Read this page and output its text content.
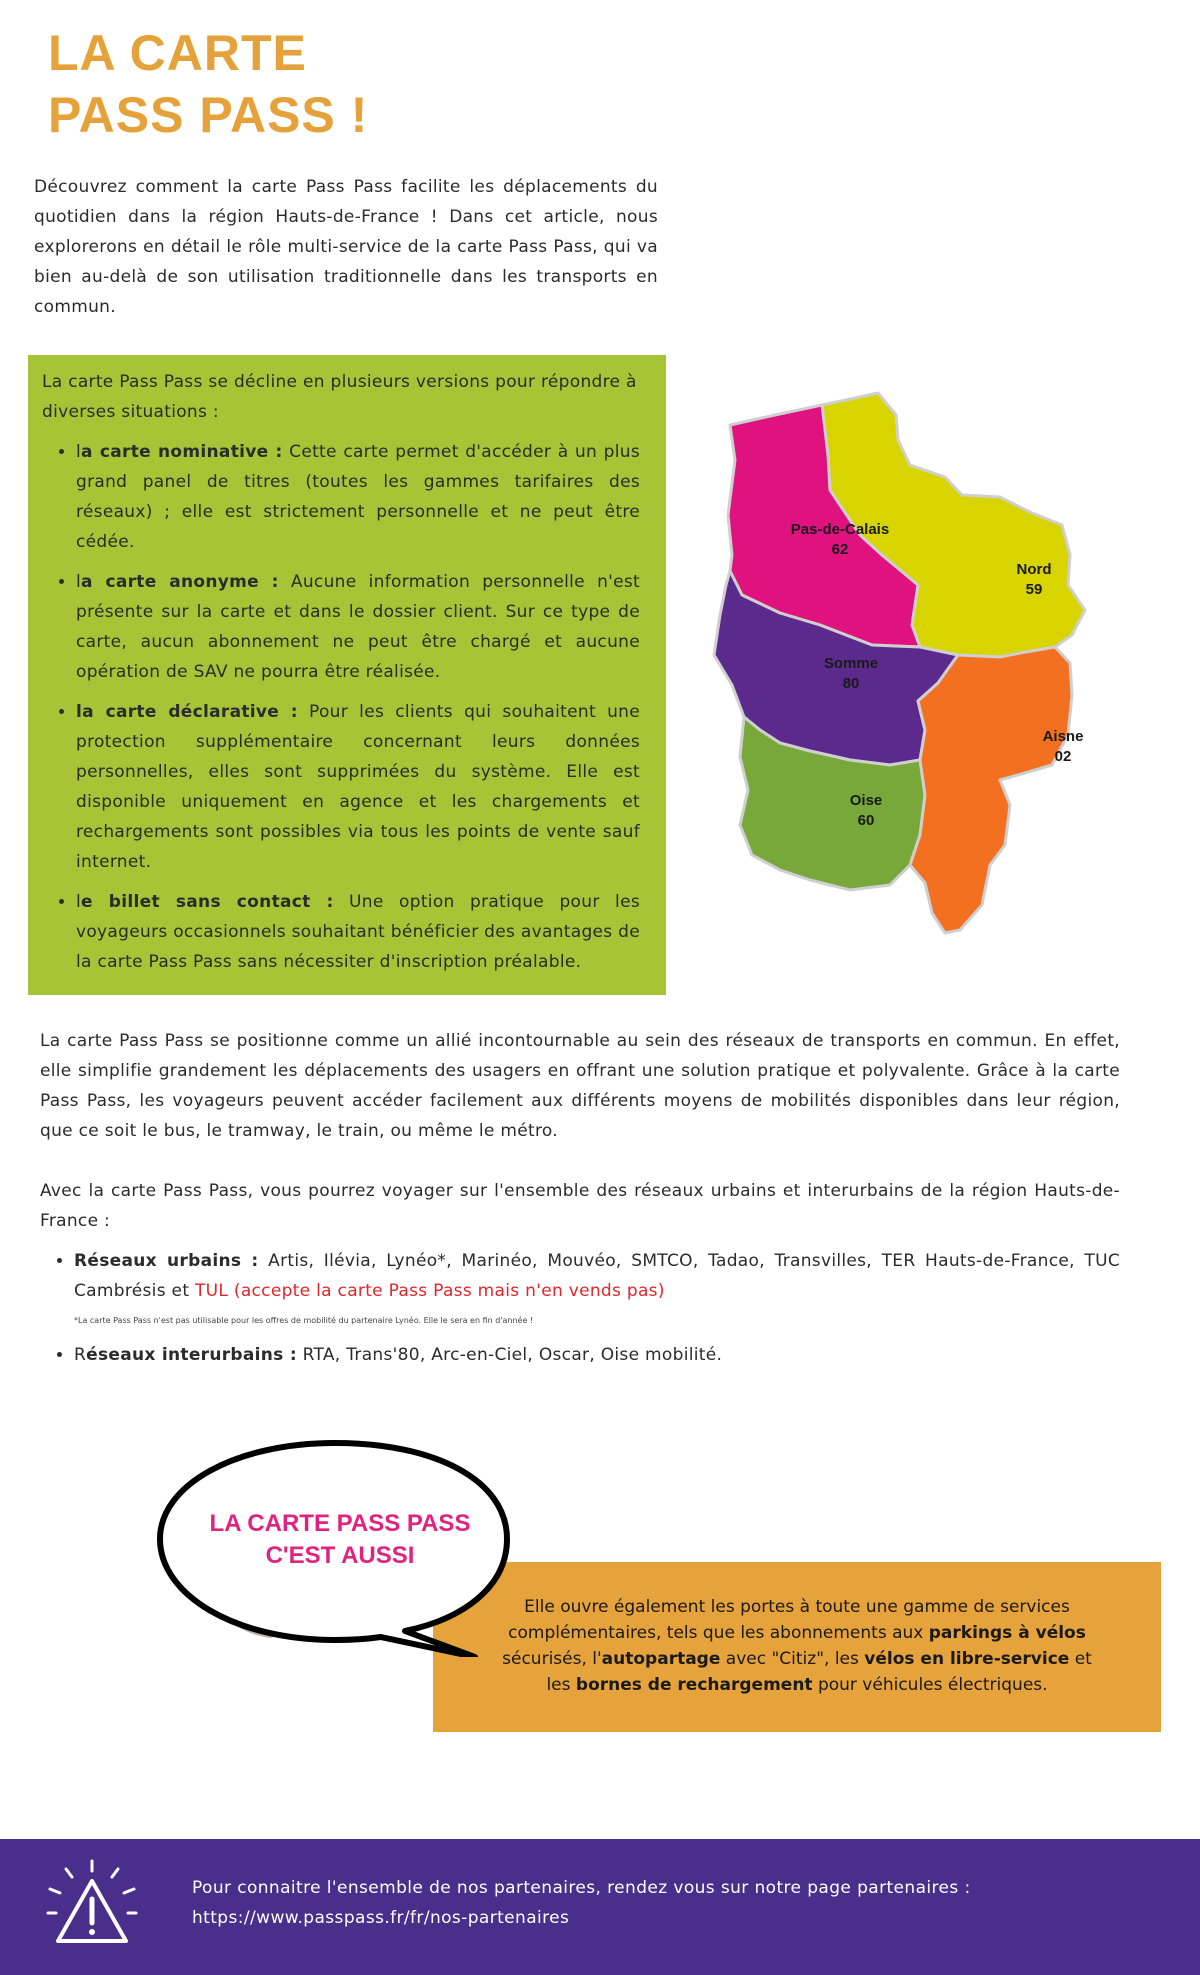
LA CARTE
PASS PASS !

Découvrez comment la carte Pass Pass facilite les déplacements du quotidien dans la région Hauts-de-France ! Dans cet article, nous explorerons en détail le rôle multi-service de la carte Pass Pass, qui va bien au-delà de son utilisation traditionnelle dans les transports en commun.

La carte Pass Pass se décline en plusieurs versions pour répondre à diverses situations :

• la carte nominative : Cette carte permet d'accéder à un plus grand panel de titres (toutes les gammes tarifaires des réseaux) ; elle est strictement personnelle et ne peut être cédée.
• la carte anonyme : Aucune information personnelle n'est présente sur la carte et dans le dossier client. Sur ce type de carte, aucun abonnement ne peut être chargé et aucune opération de SAV ne pourra être réalisée.
• la carte déclarative : Pour les clients qui souhaitent une protection supplémentaire concernant leurs données personnelles, elles sont supprimées du système. Elle est disponible uniquement en agence et les chargements et rechargements sont possibles via tous les points de vente sauf internet.
• le billet sans contact : Une option pratique pour les voyageurs occasionnels souhaitant bénéficier des avantages de la carte Pass Pass sans nécessiter d'inscription préalable.
Pas-de-Calais
62
Nord
59
Somme
80
Aisne
02
Oise
60

La carte Pass Pass se positionne comme un allié incontournable au sein des réseaux de transports en commun. En effet, elle simplifie grandement les déplacements des usagers en offrant une solution pratique et polyvalente. Grâce à la carte Pass Pass, les voyageurs peuvent accéder facilement aux différents moyens de mobilités disponibles dans leur région, que ce soit le bus, le tramway, le train, ou même le métro.

Avec la carte Pass Pass, vous pourrez voyager sur l'ensemble des réseaux urbains et interurbains de la région Hauts-de-France :

• Réseaux urbains : Artis, Ilévia, Lynéo*, Marinéo, Mouvéo, SMTCO, Tadao, Transvilles, TER Hauts-de-France, TUC Cambrésis et TUL (accepte la carte Pass Pass mais n'en vends pas)
*La carte Pass Pass n'est pas utilisable pour les offres de mobilité du partenaire Lynéo. Elle le sera en fin d'année !
• Réseaux interurbains : RTA, Trans'80, Arc-en-Ciel, Oscar, Oise mobilité.
Elle ouvre également les portes à toute une gamme de services complémentaires, tels que les abonnements aux parkings à vélos sécurisés, l'autopartage avec "Citiz", les vélos en libre-service et les bornes de rechargement pour véhicules électriques.
LA CARTE PASS PASS
C'EST AUSSI
Pour connaitre l'ensemble de nos partenaires, rendez vous sur notre page partenaires :
https://www.passpass.fr/fr/nos-partenaires
